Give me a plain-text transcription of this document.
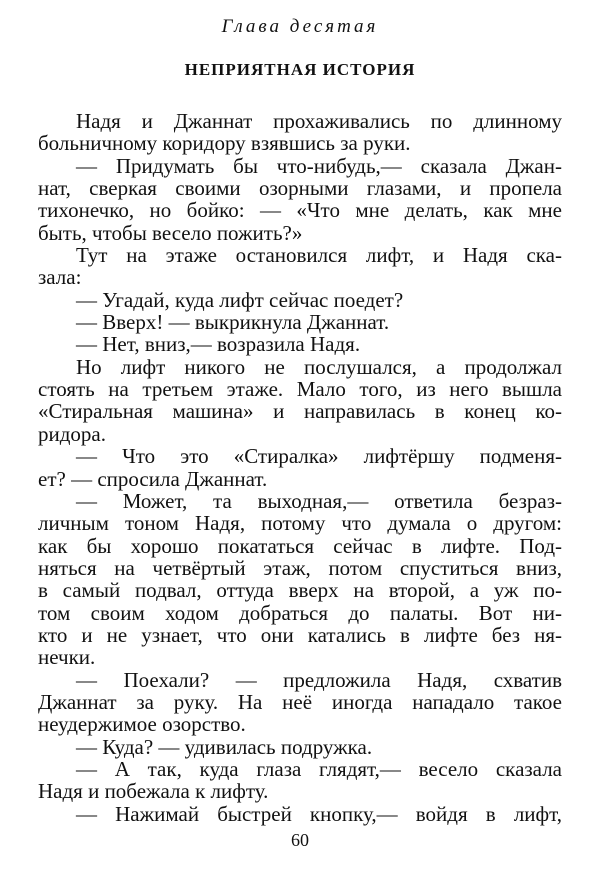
Глава десятая
НЕПРИЯТНАЯ ИСТОРИЯ
Надя и Джаннат прохаживались по длинному
больничному коридору взявшись за руки.
— Придумать бы что-нибудь,— сказала Джан-
нат, сверкая своими озорными глазами, и пропела
тихонечко, но бойко: — «Что мне делать, как мне
быть, чтобы весело пожить?»
Тут на этаже остановился лифт, и Надя ска-
зала:
— Угадай, куда лифт сейчас поедет?
— Вверх! — выкрикнула Джаннат.
— Нет, вниз,— возразила Надя.
Но лифт никого не послушался, а продолжал
стоять на третьем этаже. Мало того, из него вышла
«Стиральная машина» и направилась в конец ко-
ридора.
— Что это «Стиралка» лифтёршу подменя-
ет? — спросила Джаннат.
— Может, та выходная,— ответила безраз-
личным тоном Надя, потому что думала о другом:
как бы хорошо покататься сейчас в лифте. Под-
няться на четвёртый этаж, потом спуститься вниз,
в самый подвал, оттуда вверх на второй, а уж по-
том своим ходом добраться до палаты. Вот ни-
кто и не узнает, что они катались в лифте без ня-
нечки.
— Поехали? — предложила Надя, схватив
Джаннат за руку. На неё иногда нападало такое
неудержимое озорство.
— Куда? — удивилась подружка.
— А так, куда глаза глядят,— весело сказала
Надя и побежала к лифту.
— Нажимай быстрей кнопку,— войдя в лифт,
60
